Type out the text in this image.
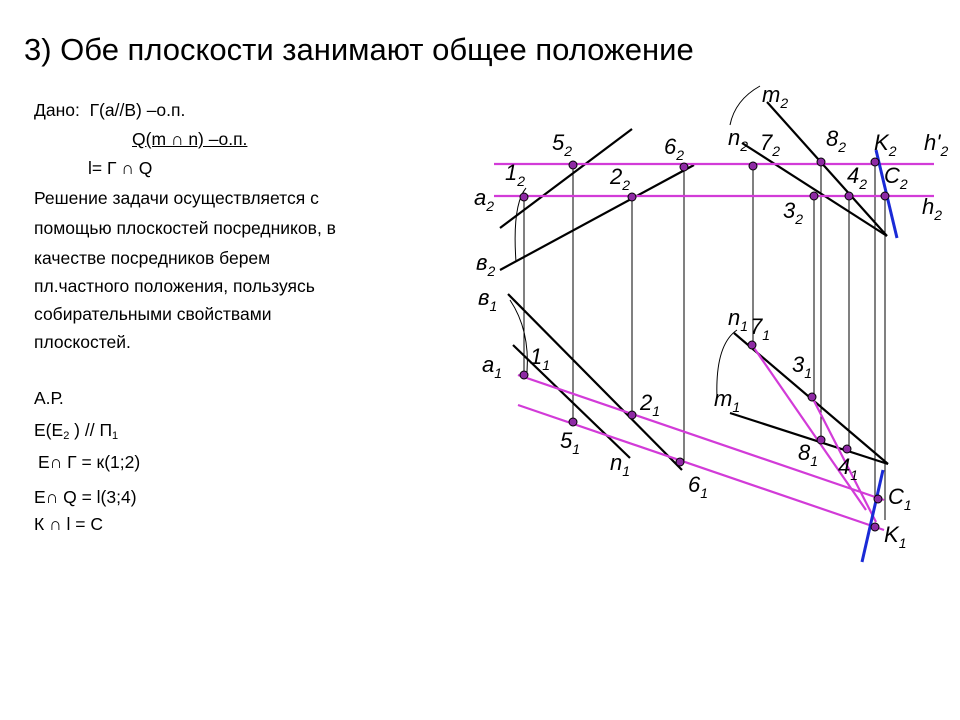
3) Обе плоскости занимают общее положение
Дано: Г(а//В) –о.п.
Q(m ∩ n) –о.п.
l= Г ∩ Q
Решение задачи осуществляется с
помощью плоскостей посредников, в
качестве посредников берем
пл.частного положения, пользуясь
собирательными свойствами
плоскостей.
А.Р.
$Е(Е_2$ ) // $П_1$
Е∩ Г = к(1;2)
Е∩ Q = l(3;4)
К ∩ l = С
$m_2$
$n_2$ $7_2$ $8_2$ $K_2$ $h'_2$
$5_2$	$6_2$
$1_2$
$a_2$
$2_2$	$4_2$ $C_2$
$3_2$	$h_2$
$в_2$
$в_1$	$n_1$ $7_1$
$3_1$
$a_1$
$1_1$
$m_1$
$2_1$
$8_1$ $4_1$
$5_1$
$n_1$
$6_1$	$C_1$
$K_1$
